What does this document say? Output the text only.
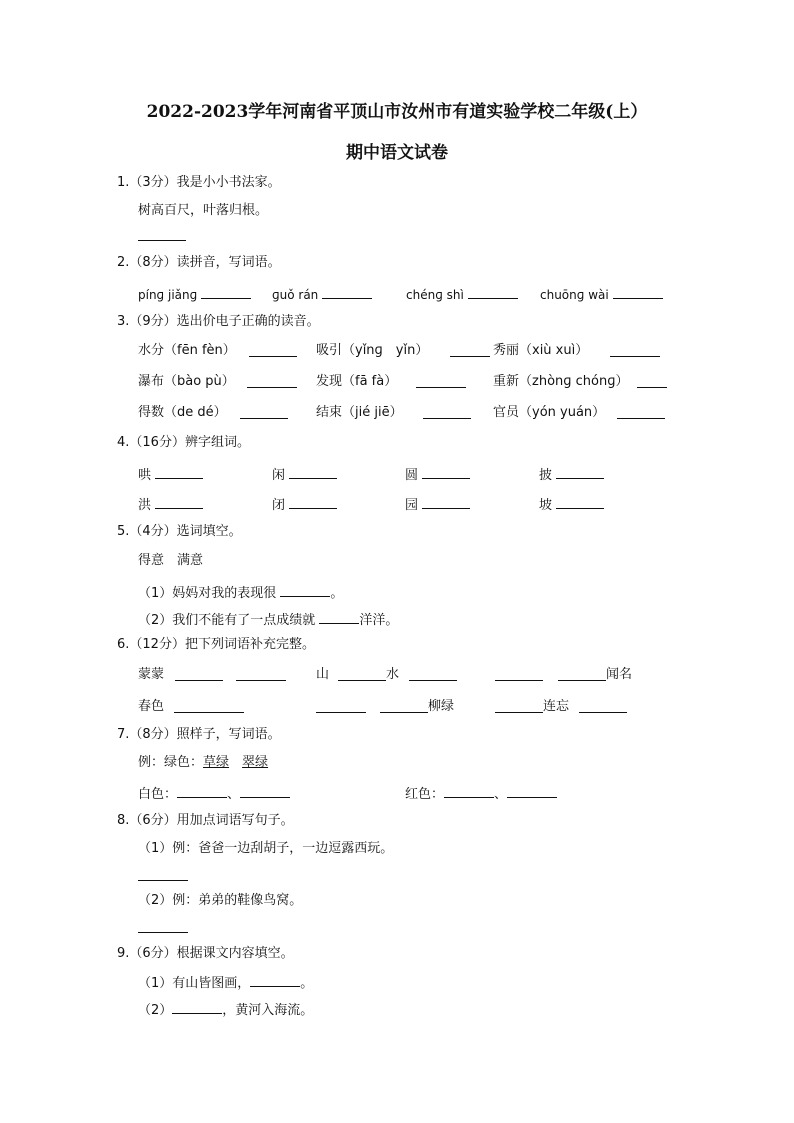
2022-2023学年河南省平顶山市汝州市有道实验学校二年级(上）
期中语文试卷
1.（3分）我是小小书法家。
树高百尺，叶落归根。
2.（8分）读拼音，写词语。
pínɡ jiǎnɡ	ɡuǒ rán	chénɡ shì	chuōnɡ wài
3.（9分）选出价电子正确的读音。
水分（fēn fèn）	吸引（yǐnɡ　yǐn）	秀丽（xiù xuì）
瀑布（bào pù）	发现（fā fà）	重新（zhònɡ chónɡ）
得数（de dé）	结束（jié jiē）	官员（yón yuán）
4.（16分）辨字组词。
哄	闲	圆	披
洪	闭	园	坡
5.（4分）选词填空。
得意　满意
（1）妈妈对我的表现很	。
（2）我们不能有了一点成绩就	洋洋。
6.（12分）把下列词语补充完整。
蒙蒙	山	水	闻名
春色	柳绿	连忘
7.（8分）照样子，写词语。
例：绿色：草绿　 翠绿
白色：	、	红色：	、
8.（6分）用加点词语写句子。
（1）例：爸爸一边刮胡子，一边逗露西玩。
（2）例：弟弟的鞋像鸟窝。
9.（6分）根据课文内容填空。
（1）有山皆图画，	。
（2）	，黄河入海流。
